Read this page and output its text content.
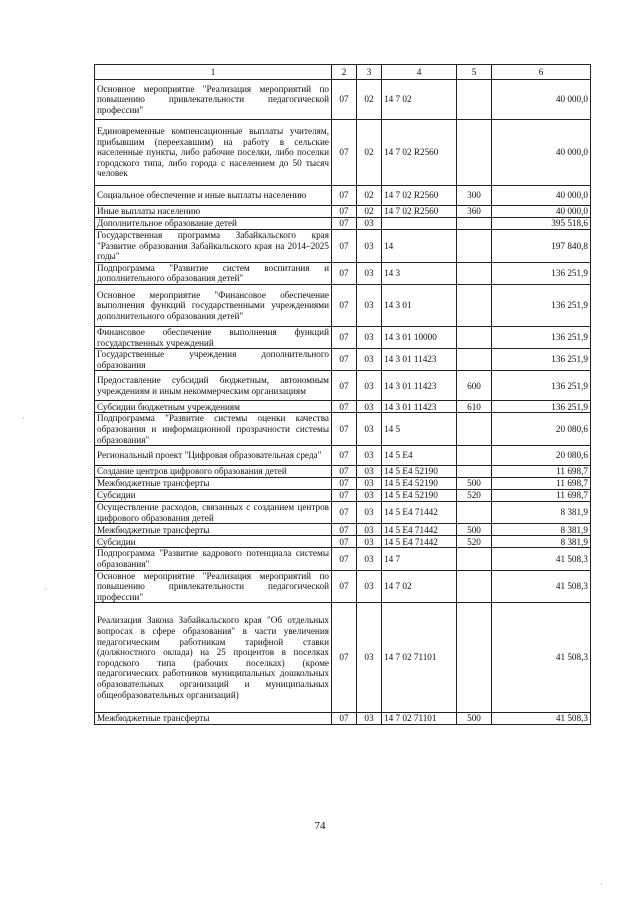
1	2	3	4	5	6
Основное мероприятие "Реализация мероприятий по повышению привлекательности педагогической профессии"	07	02	14 7 02		40 000,0
Единовременные компенсационные выплаты учителям, прибывшим (переехавшим) на работу в сельские населенные пункты, либо рабочие поселки, либо поселки городского типа, либо города с населением до 50 тысяч человек	07	02	14 7 02 R2560		40 000,0
Социальное обеспечение и иные выплаты населению	07	02	14 7 02 R2560	300	40 000,0
Иные выплаты населению	07	02	14 7 02 R2560	360	40 000,0
Дополнительное образование детей	07	03			395 518,6
Государственная программа Забайкальского края "Развитие образования Забайкальского края на 2014–2025 годы"	07	03	14		197 840,8
Подпрограмма "Развитие систем воспитания и дополнительного образования детей"	07	03	14 3		136 251,9
Основное мероприятие "Финансовое обеспечение выполнения функций государственными учреждениями дополнительного образования детей"	07	03	14 3 01		136 251,9
Финансовое обеспечение выполнения функций государственных учреждений	07	03	14 3 01 10000		136 251,9
Государственные учреждения дополнительного образования	07	03	14 3 01 11423		136 251,9
Предоставление субсидий бюджетным, автономным учреждениям и иным некоммерческим организациям	07	03	14 3 01 11423	600	136 251,9
Субсидии бюджетным учреждениям	07	03	14 3 01 11423	610	136 251,9
Подпрограмма "Развитие системы оценки качества образования и информационной прозрачности системы образования"	07	03	14 5		20 080,6
Региональный проект "Цифровая образовательная среда"	07	03	14 5 E4		20 080,6
Создание центров цифрового образования детей	07	03	14 5 E4 52190		11 698,7
Межбюджетные трансферты	07	03	14 5 E4 52190	500	11 698,7
Субсидии	07	03	14 5 E4 52190	520	11 698,7
Осуществление расходов, связанных с созданием центров цифрового образования детей	07	03	14 5 E4 71442		8 381,9
Межбюджетные трансферты	07	03	14 5 E4 71442	500	8 381,9
Субсидии	07	03	14 5 E4 71442	520	8 381,9
Подпрограмма "Развитие кадрового потенциала системы образования"	07	03	14 7		41 508,3
Основное мероприятие "Реализация мероприятий по повышению привлекательности педагогической профессии"	07	03	14 7 02		41 508,3
Реализация Закона Забайкальского края "Об отдельных вопросах в сфере образования" в части увеличения педагогическим работникам тарифной ставки (должностного оклада) на 25 процентов в поселках городского типа (рабочих поселках) (кроме педагогических работников муниципальных дошкольных образовательных организаций и муниципальных общеобразовательных организаций)	07	03	14 7 02 71101		41 508,3
Межбюджетные трансферты	07	03	14 7 02 71101	500	41 508,3
74
·
·
·
